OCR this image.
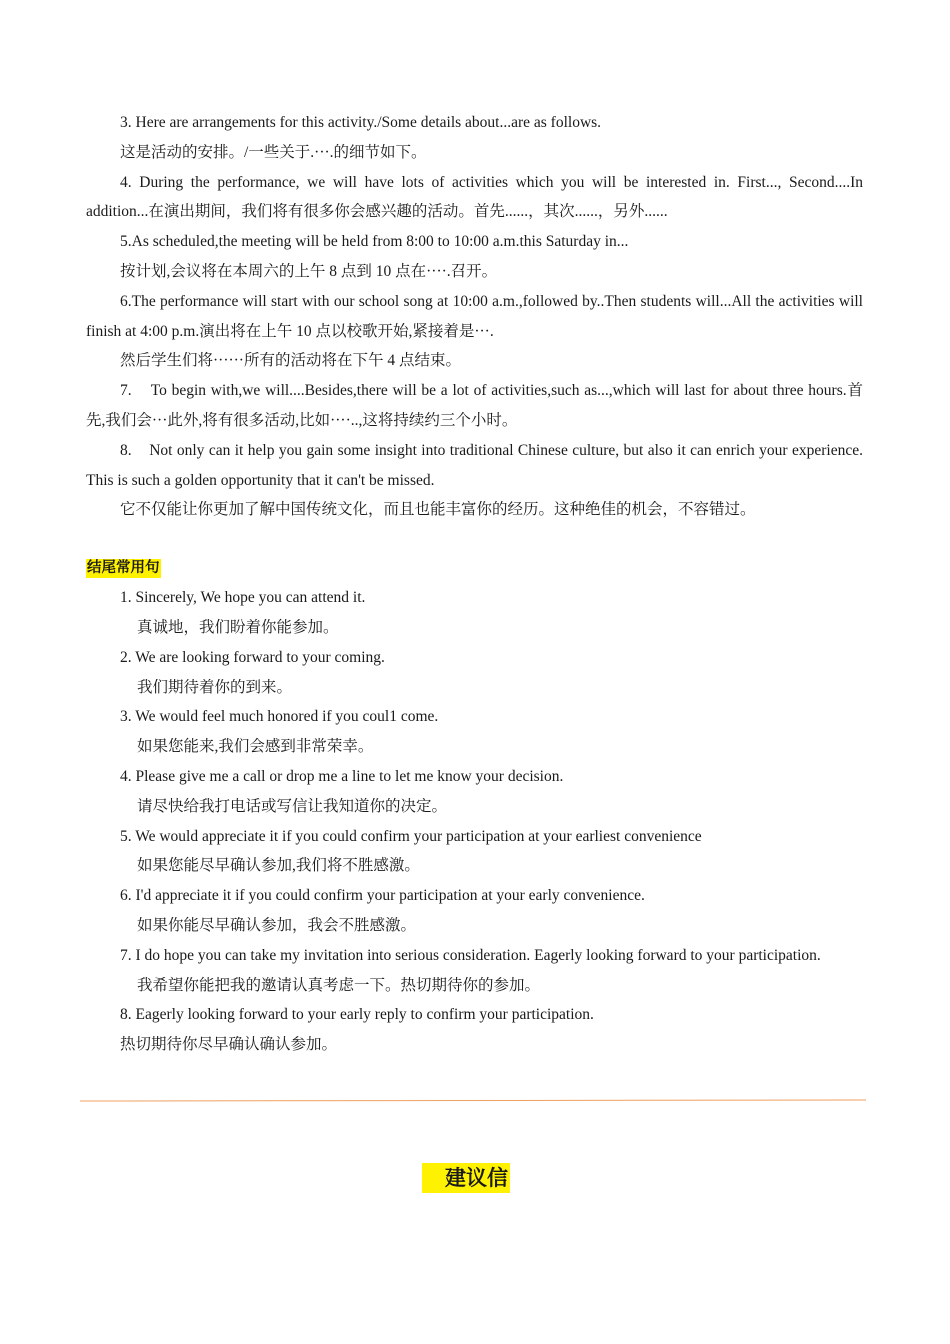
3. Here are arrangements for this activity./Some details about...are as follows.

这是活动的安排。/一些关于.···.的细节如下。

4. During the performance, we will have lots of activities which you will be interested in. First..., Second....In addition...在演出期间，我们将有很多你会感兴趣的活动。首先......，其次......，另外......

5.As scheduled,the meeting will be held from 8:00 to 10:00 a.m.this Saturday in...

按计划,会议将在本周六的上午 8 点到 10 点在····.召开。

6.The performance will start with our school song at 10:00 a.m.,followed by..Then students will...All the activities will finish at 4:00 p.m.演出将在上午 10 点以校歌开始,紧接着是···.

然后学生们将······所有的活动将在下午 4 点结束。

7.    To begin with,we will....Besides,there will be a lot of activities,such as...,which will last for about three hours.首先,我们会···此外,将有很多活动,比如····..,这将持续约三个小时。

8.    Not only can it help you gain some insight into traditional Chinese culture, but also it can enrich your experience. This is such a golden opportunity that it can't be missed.

它不仅能让你更加了解中国传统文化，而且也能丰富你的经历。这种绝佳的机会，不容错过。

结尾常用句

1. Sincerely, We hope you can attend it.

真诚地，我们盼着你能参加。

2. We are looking forward to your coming.

我们期待着你的到来。

3. We would feel much honored if you coul1 come.

如果您能来,我们会感到非常荣幸。

4. Please give me a call or drop me a line to let me know your decision.

请尽快给我打电话或写信让我知道你的决定。

5. We would appreciate it if you could confirm your participation at your earliest convenience

如果您能尽早确认参加,我们将不胜感激。

6. I'd appreciate it if you could confirm your participation at your early convenience.

如果你能尽早确认参加，我会不胜感激。

7. I do hope you can take my invitation into serious consideration. Eagerly looking forward to your participation.

我希望你能把我的邀请认真考虑一下。热切期待你的参加。

8. Eagerly looking forward to your early reply to confirm your participation.

热切期待你尽早确认确认参加。

建议信
